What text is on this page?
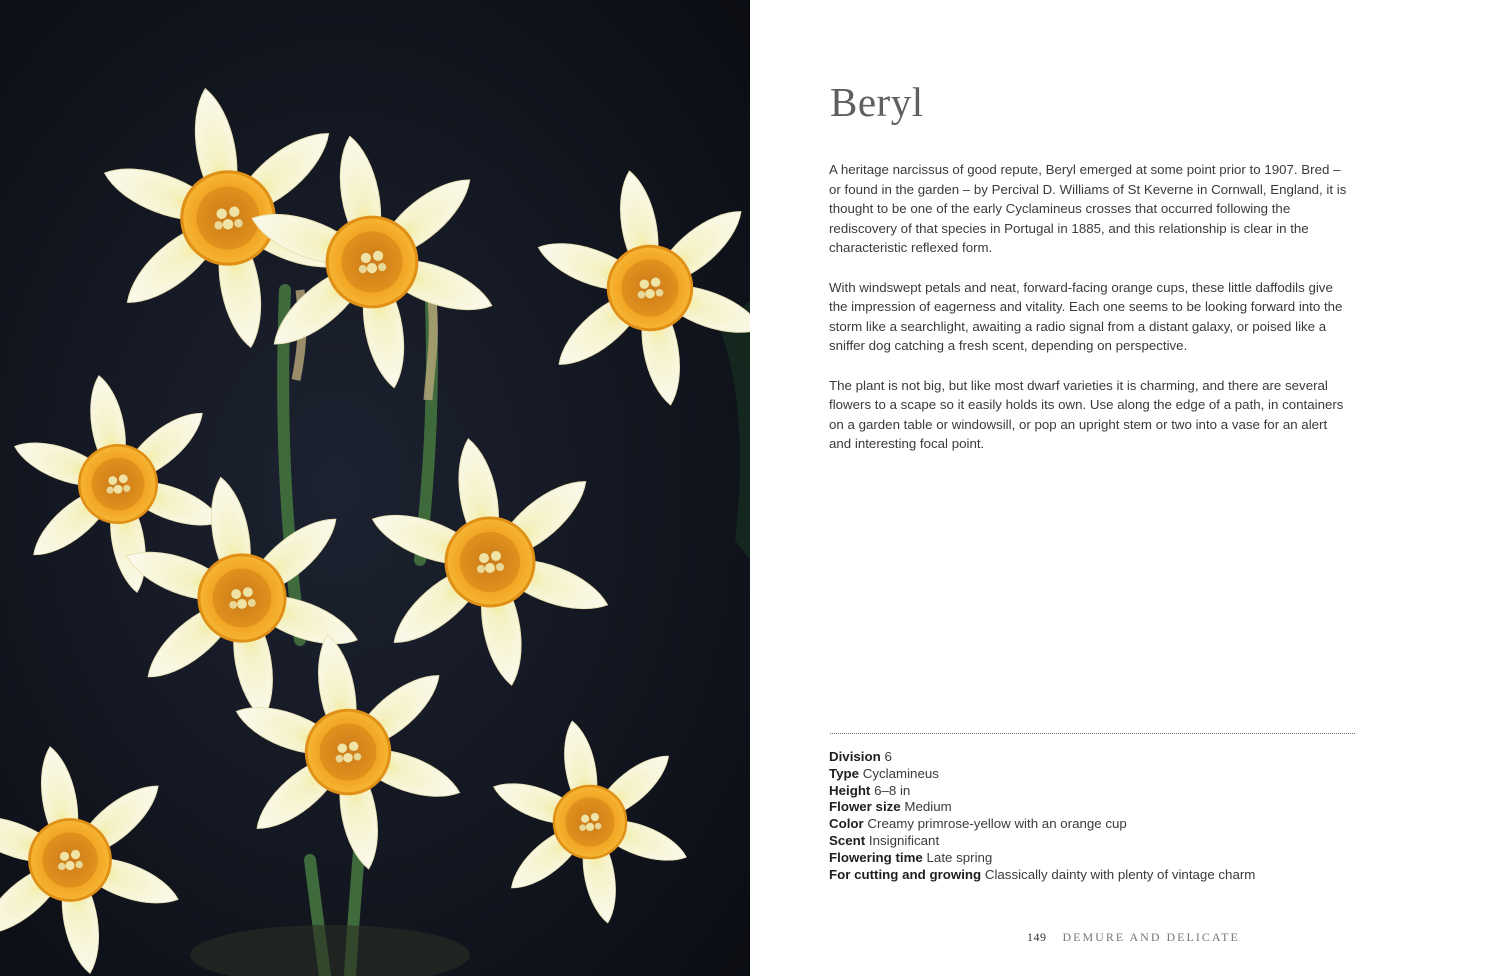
Beryl

A heritage narcissus of good repute, Beryl emerged at some point prior to 1907. Bred – or found in the garden – by Percival D. Williams of St Keverne in Cornwall, England, it is thought to be one of the early Cyclamineus crosses that occurred following the rediscovery of that species in Portugal in 1885, and this relationship is clear in the characteristic reflexed form.

With windswept petals and neat, forward-facing orange cups, these little daffodils give the impression of eagerness and vitality. Each one seems to be looking forward into the storm like a searchlight, awaiting a radio signal from a distant galaxy, or poised like a sniffer dog catching a fresh scent, depending on perspective.

The plant is not big, but like most dwarf varieties it is charming, and there are several flowers to a scape so it easily holds its own. Use along the edge of a path, in containers on a garden table or windowsill, or pop an upright stem or two into a vase for an alert and interesting focal point.

Division 6
Type Cyclamineus
Height 6–8 in
Flower size Medium
Color Creamy primrose-yellow with an orange cup
Scent Insignificant
Flowering time Late spring
For cutting and growing Classically dainty with plenty of vintage charm
149 DEMURE AND DELICATE
